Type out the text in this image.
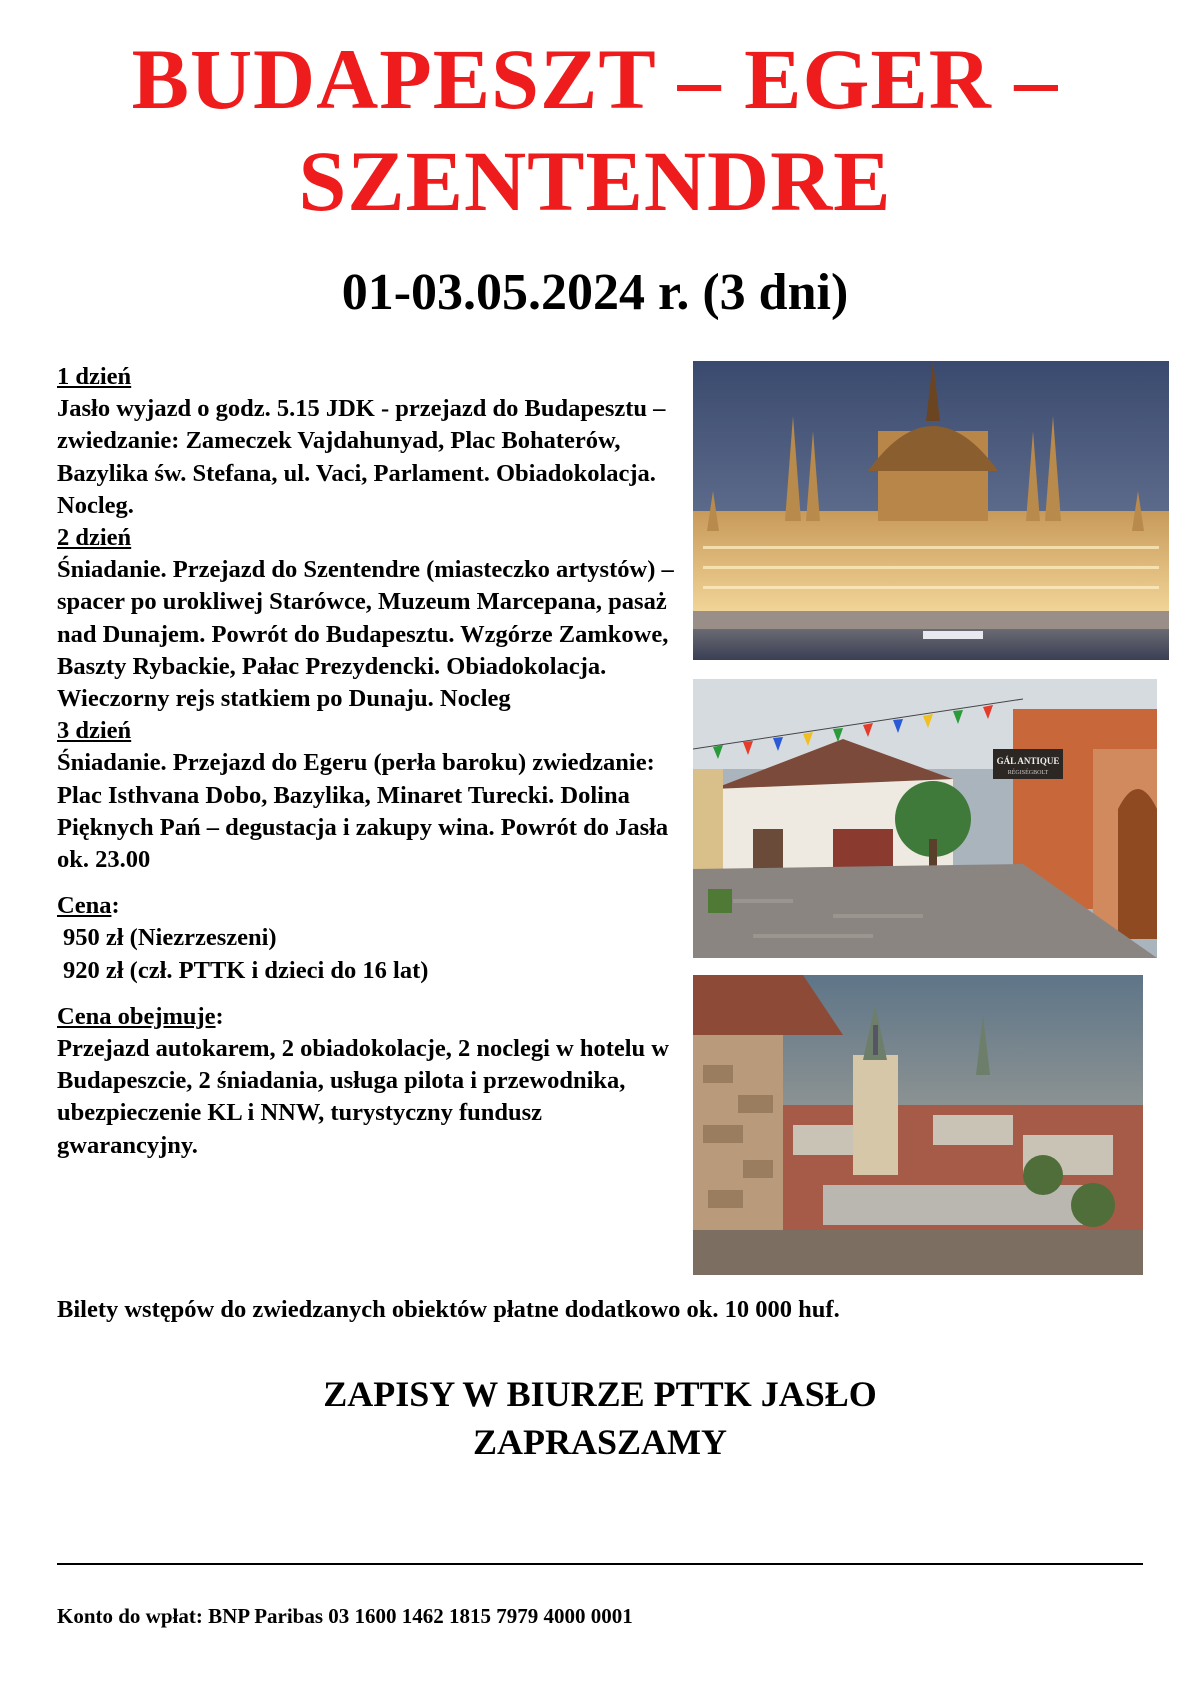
BUDAPESZT – EGER –
SZENTENDRE
01-03.05.2024 r. (3 dni)

1 dzień

Jasło wyjazd o godz. 5.15 JDK - przejazd do Budapesztu – zwiedzanie: Zameczek Vajdahunyad, Plac Bohaterów, Bazylika św. Stefana, ul. Vaci, Parlament. Obiadokolacja. Nocleg.

2 dzień

Śniadanie. Przejazd do Szentendre (miasteczko artystów) – spacer po urokliwej Starówce, Muzeum Marcepana, pasaż nad Dunajem. Powrót do Budapesztu. Wzgórze Zamkowe, Baszty Rybackie, Pałac Prezydencki. Obiadokolacja. Wieczorny rejs statkiem po Dunaju. Nocleg

3 dzień

Śniadanie. Przejazd do Egeru (perła baroku) zwiedzanie: Plac Isthvana Dobo, Bazylika, Minaret Turecki. Dolina Pięknych Pań – degustacja i zakupy wina. Powrót do Jasła ok. 23.00

Cena:

950 zł (Niezrzeszeni)

920 zł (czł. PTTK i dzieci do 16 lat)

Cena obejmuje:

Przejazd autokarem, 2 obiadokolacje, 2 noclegi w hotelu w Budapeszcie, 2 śniadania, usługa pilota i przewodnika, ubezpieczenie KL i NNW, turystyczny fundusz gwarancyjny.

GÁL ANTIQUE
RÉGISÉGBOLT
Bilety wstępów do zwiedzanych obiektów płatne dodatkowo ok. 10 000 huf.
ZAPISY W BIURZE PTTK JASŁO
ZAPRASZAMY
Konto do wpłat: BNP Paribas 03 1600 1462 1815 7979 4000 0001
